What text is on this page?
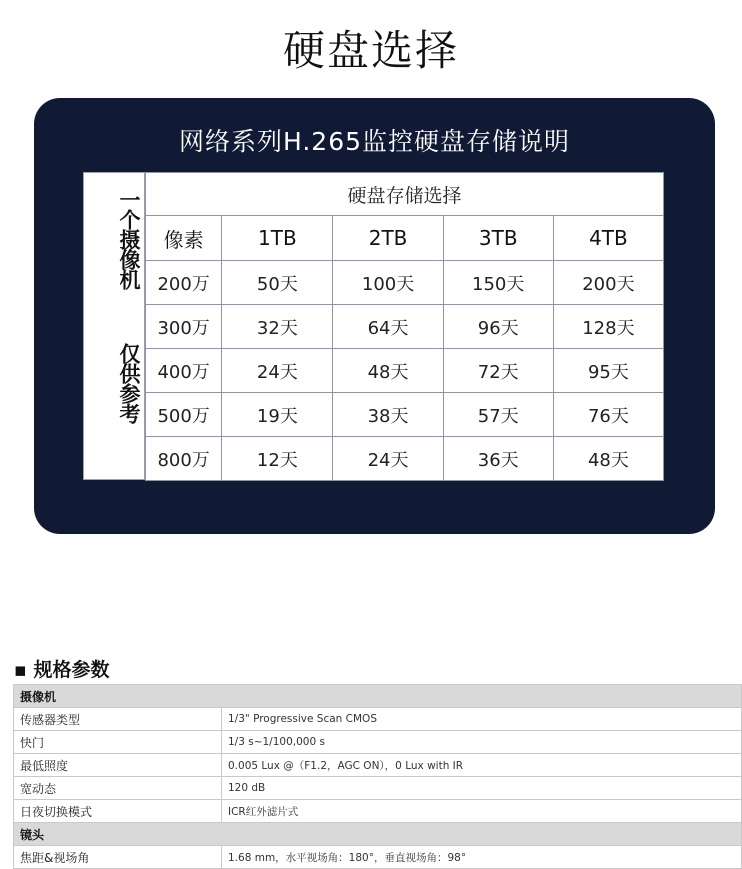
硬盘选择
网络系列H.265监控硬盘存储说明
一个摄像机
仅供参考
硬盘存储选择				
像素	1TB	2TB	3TB	4TB
200万	50天	100天	150天	200天
300万	32天	64天	96天	128天
400万	24天	48天	72天	95天
500万	19天	38天	57天	76天
800万	12天	24天	36天	48天
▪ 规格参数
摄像机	
传感器类型	1/3" Progressive Scan CMOS
快门	1/3 s~1/100,000 s
最低照度	0.005 Lux @（F1.2，AGC ON），0 Lux with IR
宽动态	120 dB
日夜切换模式	ICR红外滤片式
镜头	
焦距&视场角	1.68 mm，水平视场角：180°，垂直视场角：98°
